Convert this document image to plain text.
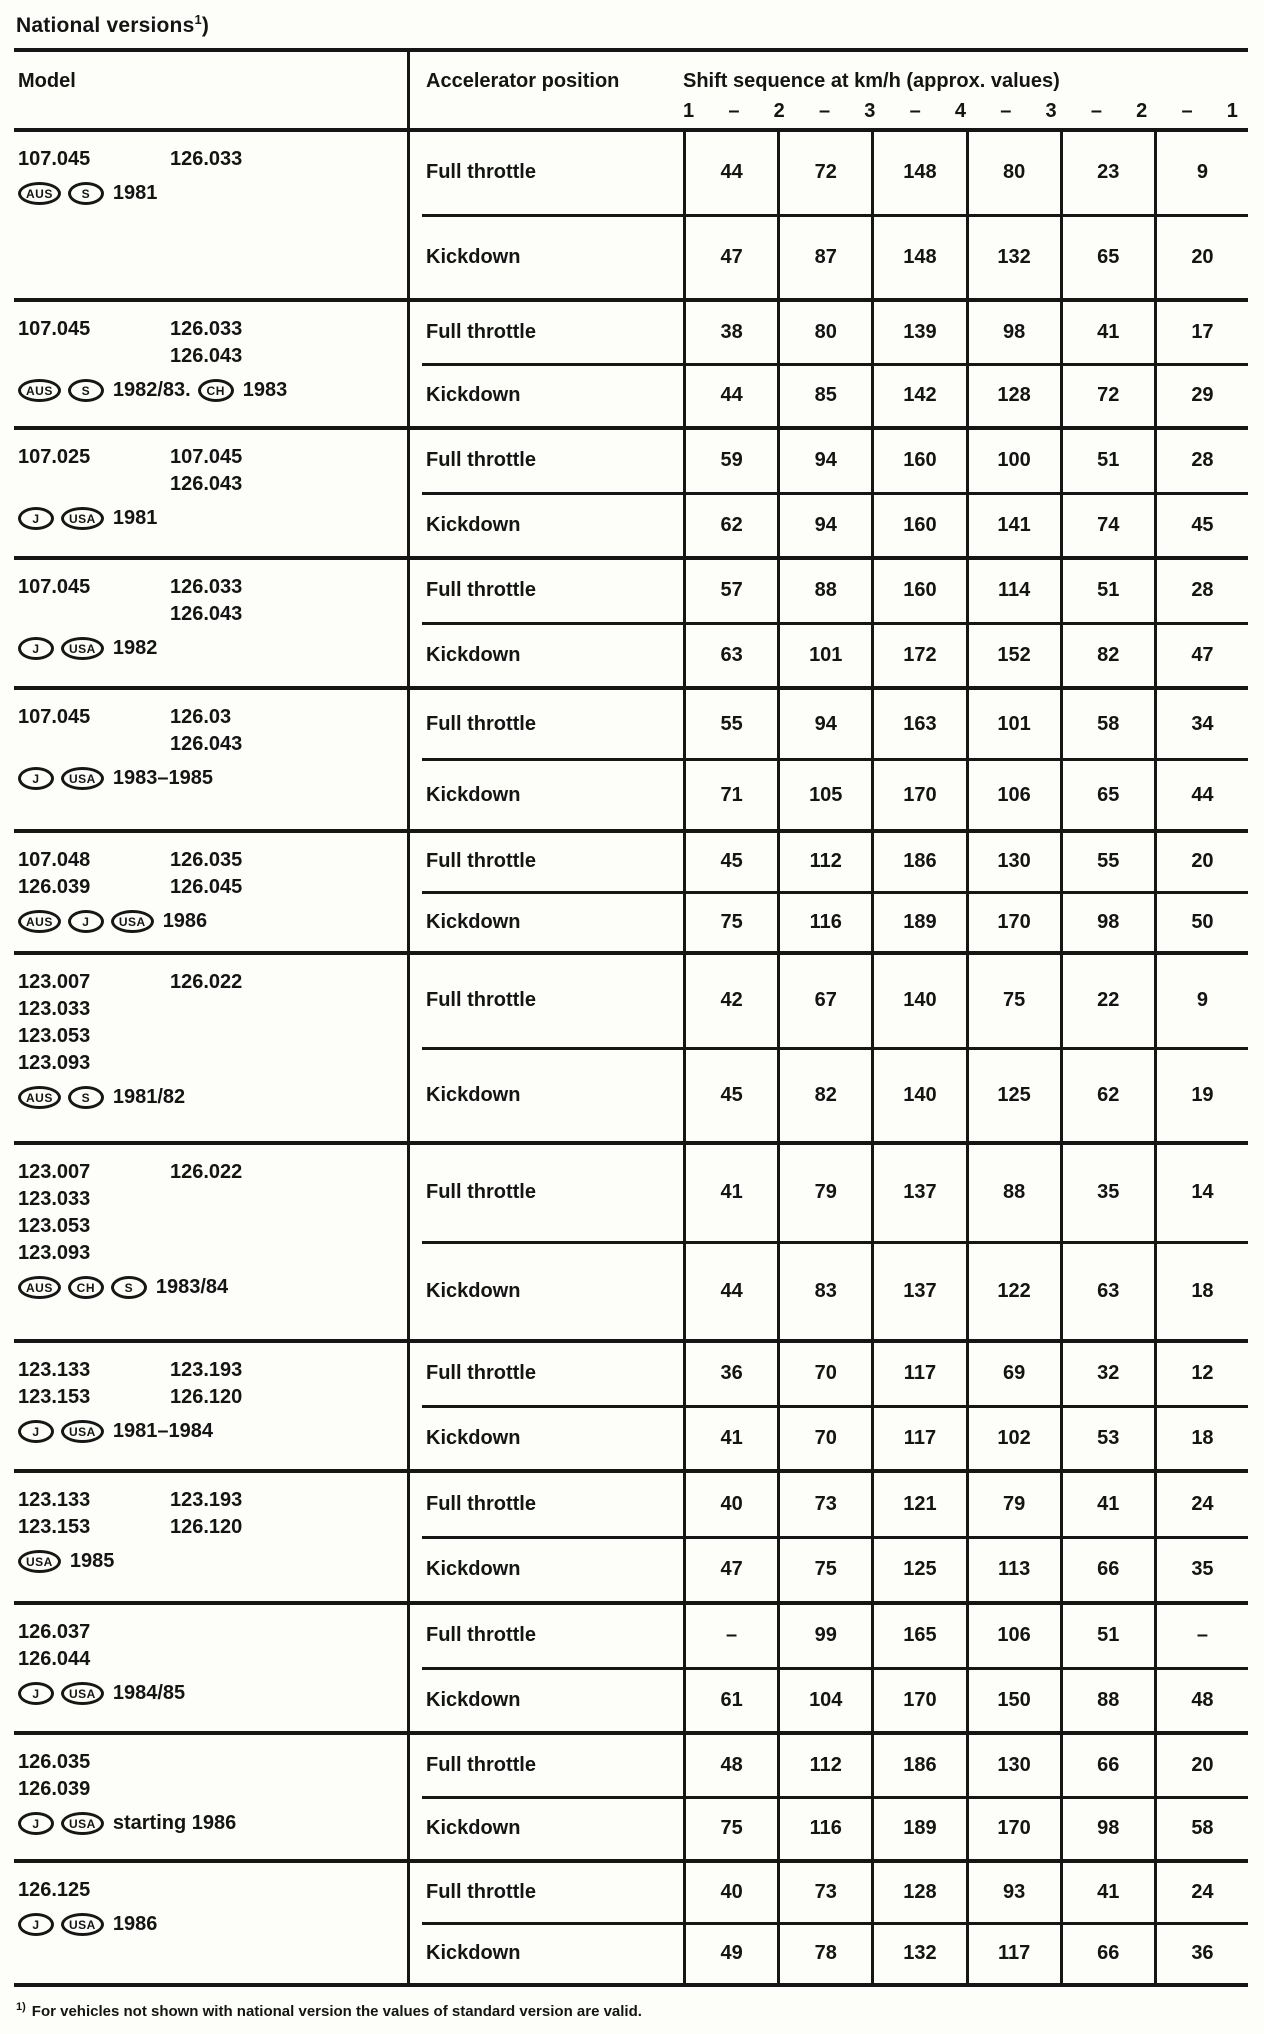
National versions$^1$)
Model	Accelerator position	Shift sequence at km/h (approx. values)
1 – 2 – 3 – 4 – 3 – 2 – 1
107.045	126.033
AUS	S	1981
Full throttle	44	72	148	80	23	9
Kickdown	47	87	148	132	65	20
107.045	126.033
126.043
AUS	S	1982/83.	CH 1983
Full throttle	38	80	139	98	41	17
Kickdown	44	85	142	128	72	29
107.025	107.045
126.043
J	USA 1981
Full throttle	59	94	160	100	51	28
Kickdown	62	94	160	141	74	45
107.045	126.033
126.043
J	USA 1982
Full throttle	57	88	160	114	51	28
Kickdown	63	101	172	152	82	47
107.045	126.03
126.043
J	USA 1983–1985
Full throttle	55	94	163	101	58	34
Kickdown	71	105	170	106	65	44
107.048	126.035
126.039	126.045
AUS	J	USA 1986
Full throttle	45	112	186	130	55	20
Kickdown	75	116	189	170	98	50
123.007	126.022
123.033
123.053
123.093
AUS	S	1981/82
Full throttle	42	67	140	75	22	9
Kickdown	45	82	140	125	62	19
123.007	126.022
123.033
123.053
123.093
AUS	CH	S	1983/84
Full throttle	41	79	137	88	35	14
Kickdown	44	83	137	122	63	18
123.133	123.193
123.153	126.120
J	USA 1981–1984
Full throttle	36	70	117	69	32	12
Kickdown	41	70	117	102	53	18
123.133	123.193
123.153	126.120
USA 1985
Full throttle	40	73	121	79	41	24
Kickdown	47	75	125	113	66	35
126.037
126.044
J	USA 1984/85
Full throttle	–	99	165	106	51	–
Kickdown	61	104	170	150	88	48
126.035
126.039
J	USA starting 1986
Full throttle	48	112	186	130	66	20
Kickdown	75	116	189	170	98	58
126.125
J	USA 1986
Full throttle	40	73	128	93	41	24
Kickdown	49	78	132	117	66	36
$^{1)}$ For vehicles not shown with national version the values of standard version are valid.
